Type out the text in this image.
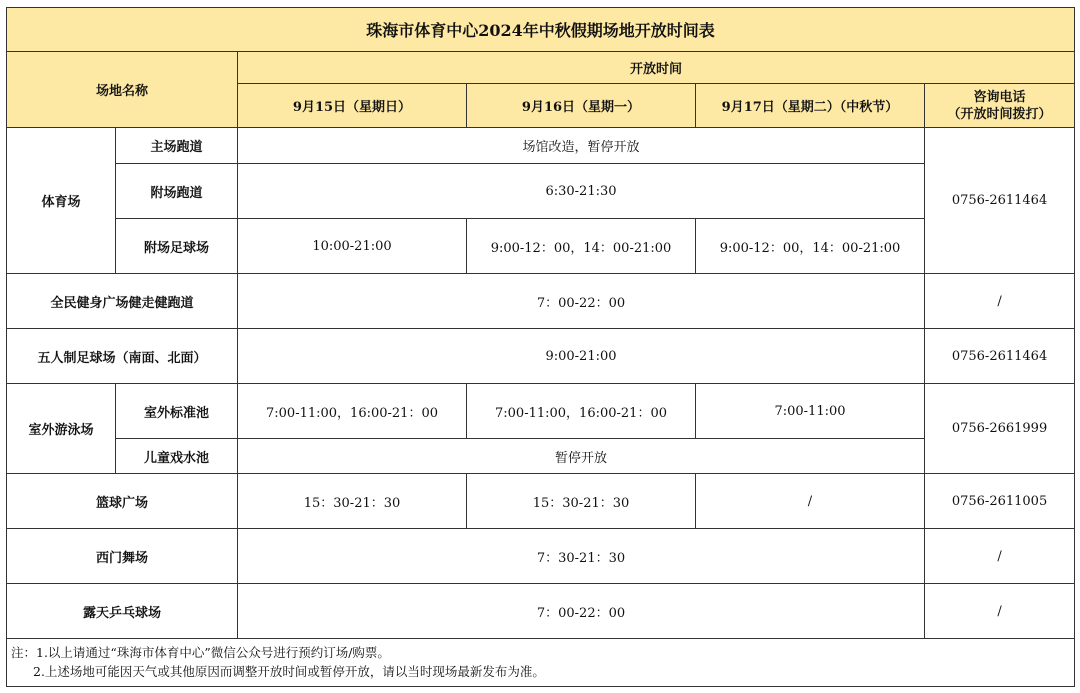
珠海市体育中心2024年中秋假期场地开放时间表					
场地名称		开放时间			
		9月15日（星期日）	9月16日（星期一）	9月17日（星期二）（中秋节）	咨询电话
（开放时间拨打）
体育场	主场跑道	场馆改造，暂停开放			0756-2611464
	附场跑道	6:30-21:30			
	附场足球场	10:00-21:00	9:00-12：00，14：00-21:00	9:00-12：00，14：00-21:00	
全民健身广场健走健跑道		7：00-22：00			/
五人制足球场（南面、北面）		9:00-21:00			0756-2611464
室外游泳场	室外标准池	7:00-11:00，16:00-21：00	7:00-11:00，16:00-21：00	7:00-11:00	0756-2661999
	儿童戏水池	暂停开放			
篮球广场		15：30-21：30	15：30-21：30	/	0756-2611005
西门舞场		7：30-21：30			/
露天乒乓球场		7：00-22：00			/

注：1.以上请通过“珠海市体育中心”微信公众号进行预约订场/购票。
2.上述场地可能因天气或其他原因而调整开放时间或暂停开放，请以当时现场最新发布为准。					
